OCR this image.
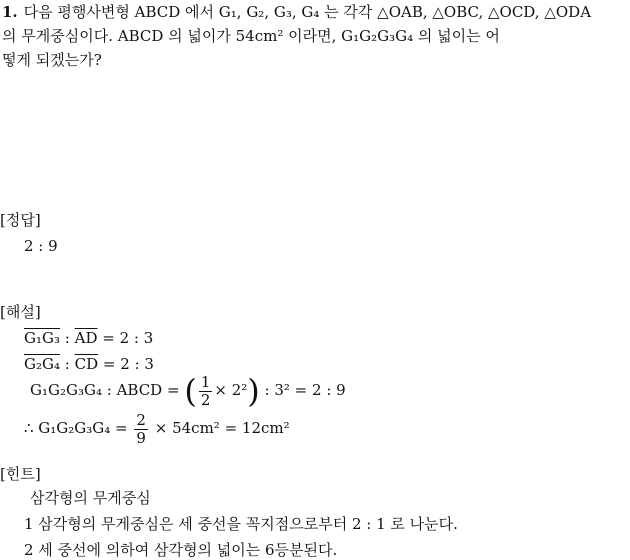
1. 다음 평행사변형 ABCD 에서 G₁, G₂, G₃, G₄ 는 각각 △OAB, △OBC, △OCD, △ODA
의 무게중심이다. ABCD 의 넓이가 54cm² 이라면, G₁G₂G₃G₄ 의 넓이는 어
떻게 되겠는가?
[정답]
2 : 9
[해설]
G₁G₃ : $\overline{AD} = 2$ : 3
G₂G₄ : $\overline{CD} = 2$ : 3
G₁G₂G₃G₄ : ABCD = ( $\frac{1}{2} \times 2^2$) : 3² = 2 : 9
∴ $G_1G_2G_3G_4 = \frac{2}{9} \times 54cm^2 = 12cm^2$
[힌트]
삼각형의 무게중심
1 삼각형의 무게중심은 세 중선을 꼭지점으로부터 2 : 1 로 나눈다.
2 세 중선에 의하여 삼각형의 넓이는 6등분된다.
